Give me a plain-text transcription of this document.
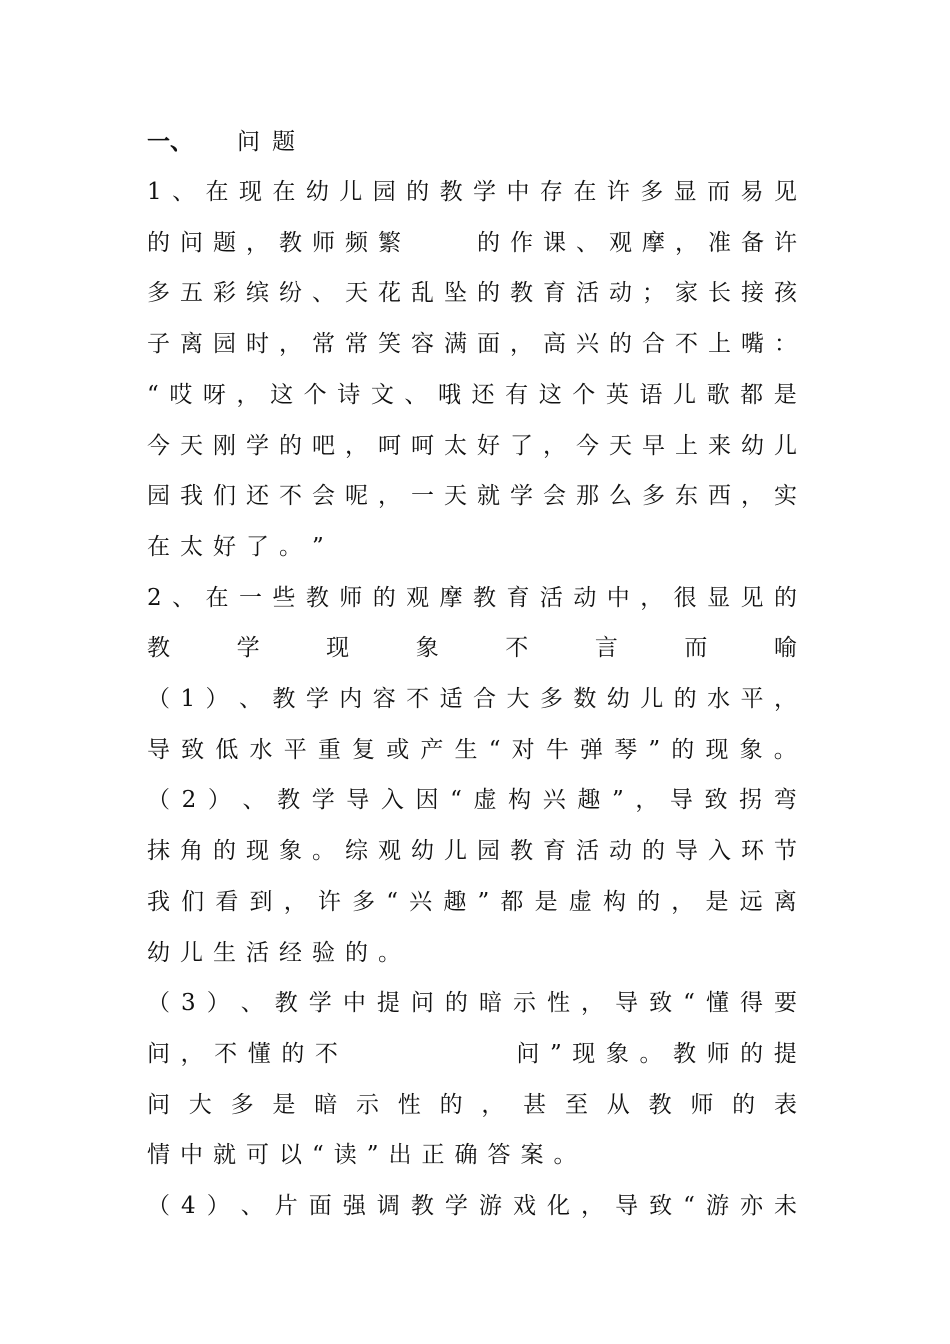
一、 问题
1 、 在 现 在 幼 儿 园 的 教 学 中 存 在 许 多 显 而 易 见
的 问 题 ， 教 师 频 繁

　	的 作 课 、 观 摩 ， 准 备 许
多 五 彩 缤 纷 、 天 花 乱 坠 的 教 育 活 动 ； 家 长 接 孩
子 离 园 时 ， 常 常 笑 容 满 面 ， 高 兴 的 合 不 上 嘴 ：
“ 哎 呀 ， 这 个 诗 文 、 哦 还 有 这 个 英 语 儿 歌 都 是
今 天 刚 学 的 吧 ， 呵 呵 太 好 了 ， 今 天 早 上 来 幼 儿
园 我 们 还 不 会 呢 ， 一 天 就 学 会 那 么 多 东 西 ， 实
在 太 好 了 。 ”
2 、 在 一 些 教 师 的 观 摩 教 育 活 动 中 ， 很 显 见 的
教	学	现	象	不	言	而	喻
（ 1 ） 、 教 学 内 容 不 适 合 大 多 数 幼 儿 的 水 平 ，
导 致 低 水 平 重 复 或 产 生 “ 对 牛 弹 琴 ” 的 现 象 。
（ 2 ） 、 教 学 导 入 因 “ 虚 构 兴 趣 ” ， 导 致 拐 弯
抹 角 的 现 象 。 综 观 幼 儿 园 教 育 活 动 的 导 入 环 节
我 们 看 到 ， 许 多 “ 兴 趣 ” 都 是 虚 构 的 ， 是 远 离
幼 儿 生 活 经 验 的 。
（ 3 ） 、 教 学 中 提 问 的 暗 示 性 ， 导 致 “ 懂 得 要
问 ， 不 懂 的 不

　	问 ” 现 象 。 教 师 的 提
问 大 多 是 暗 示 性 的 ， 甚 至 从 教 师 的 表
情 中 就 可 以 “ 读 ” 出 正 确 答 案 。
（ 4 ） 、 片 面 强 调 教 学 游 戏 化 ， 导 致 “ 游 亦 未
